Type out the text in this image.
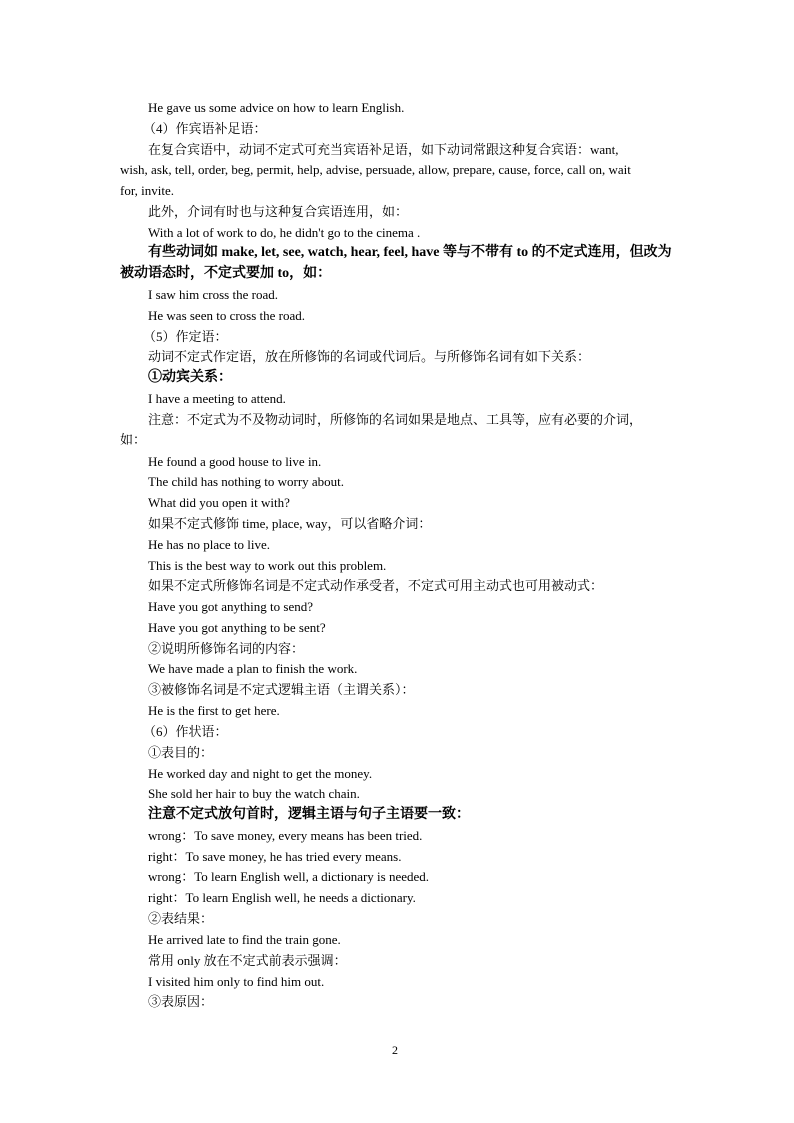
He gave us some advice on how to learn English.
（4）作宾语补足语：
在复合宾语中，动词不定式可充当宾语补足语，如下动词常跟这种复合宾语：want,
wish, ask, tell, order, beg, permit, help, advise, persuade, allow, prepare, cause, force, call on, wait
for, invite.
此外，介词有时也与这种复合宾语连用，如：
With a lot of work to do, he didn't go to the cinema .
有些动词如 make, let, see, watch, hear, feel, have 等与不带有 to 的不定式连用，但改为
被动语态时，不定式要加 to，如：
I saw him cross the road.
He was seen to cross the road.
（5）作定语：
动词不定式作定语，放在所修饰的名词或代词后。与所修饰名词有如下关系：
①动宾关系：
I have a meeting to attend.
注意：不定式为不及物动词时，所修饰的名词如果是地点、工具等，应有必要的介词，
如：
He found a good house to live in.
The child has nothing to worry about.
What did you open it with?
如果不定式修饰 time, place, way，可以省略介词：
He has no place to live.
This is the best way to work out this problem.
如果不定式所修饰名词是不定式动作承受者，不定式可用主动式也可用被动式：
Have you got anything to send?
Have you got anything to be sent?
②说明所修饰名词的内容：
We have made a plan to finish the work.
③被修饰名词是不定式逻辑主语（主谓关系）：
He is the first to get here.
（6）作状语：
①表目的：
He worked day and night to get the money.
She sold her hair to buy the watch chain.
注意不定式放句首时，逻辑主语与句子主语要一致：
wrong：To save money, every means has been tried.
right：To save money, he has tried every means.
wrong：To learn English well, a dictionary is needed.
right：To learn English well, he needs a dictionary.
②表结果：
He arrived late to find the train gone.
常用 only 放在不定式前表示强调：
I visited him only to find him out.
③表原因：
2
